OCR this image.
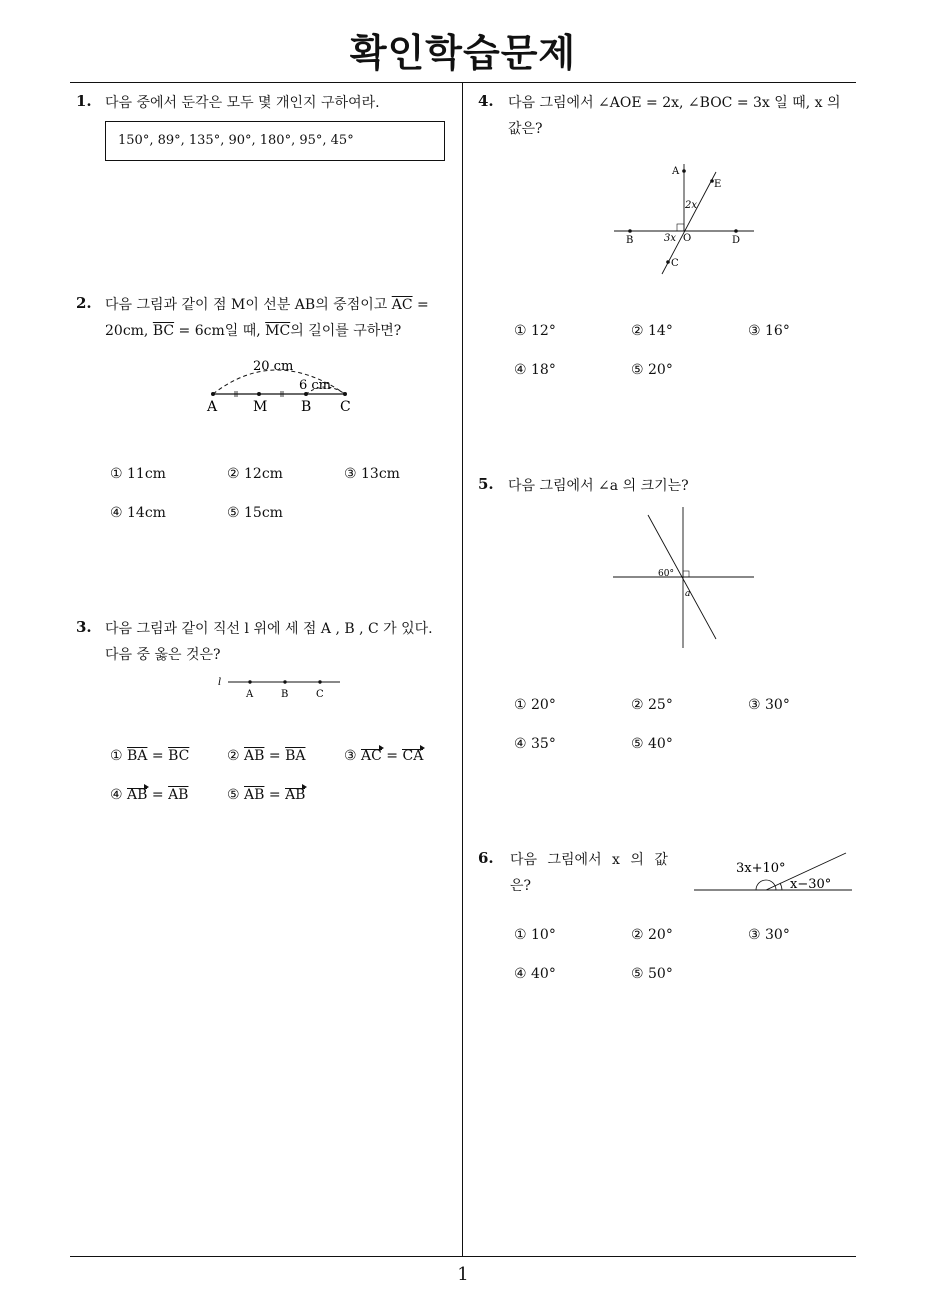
확인학습문제
1
1. 다음 중에서 둔각은 모두 몇 개인지 구하여라.
150°, 89°, 135°, 90°, 180°, 95°, 45°
2. 다음 그림과 같이 점 M이 선분 AB의 중점이고 $\overline{AC}$ =
20cm, $\overline{BC} = 6cm$일 때, $\overline{MC}$의 길이를 구하면?
20 cm
6 cm
A	M B C
① 11cm	② 12cm	③ 13cm
④ 14cm	⑤ 15cm
3. 다음 그림과 같이 직선 l 위에 세 점 A , B , C 가 있다.
다음 중 옳은 것은?
l
A	B	C
① $\overline{BA} = \overline{BC}$	② $\overline{AB} = \overline{BA}$	③ AC = CA
④ AB = $\overline{AB}$	⑤ $\overline{AB}$ = AB
4. 다음 그림에서 ∠AOE = 2x, ∠BOC = 3x 일 때, x 의
값은?
A
E
2x
B	3x O	D
C
① 12°	② 14°	③ 16°
④ 18°	⑤ 20°
5. 다음 그림에서 ∠a 의 크기는?
60°
a
① 20°	② 25°	③ 30°
④ 35°	⑤ 40°
6. 다음 그림에서 x 의 값
은?
3x+10°
x−30°
① 10°	② 20°	③ 30°
④ 40°	⑤ 50°
